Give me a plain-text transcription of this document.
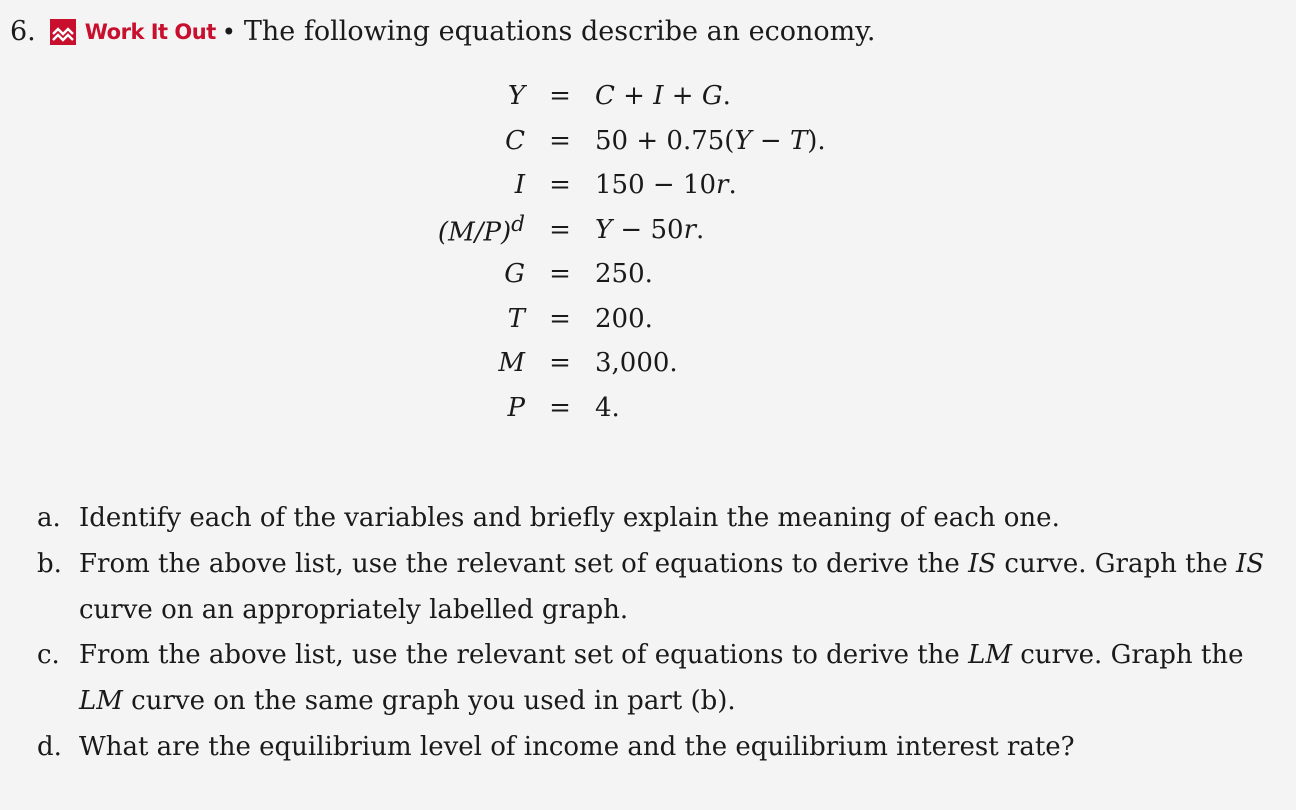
6. Work It Out • The following equations describe an economy.
Y	=	C + I + G.
C	=	50 + 0.75(Y − T).
I	=	150 − 10r.
$(M/P)^d$	=	Y − 50r.
G	=	250.
T	=	200.
M	=	3,000.
P	=	4.
a. Identify each of the variables and briefly explain the meaning of each one.
b. From the above list, use the relevant set of equations to derive the IS curve. Graph the IS curve on an appropriately labelled graph.
c. From the above list, use the relevant set of equations to derive the LM curve. Graph the LM curve on the same graph you used in part (b).
d. What are the equilibrium level of income and the equilibrium interest rate?
